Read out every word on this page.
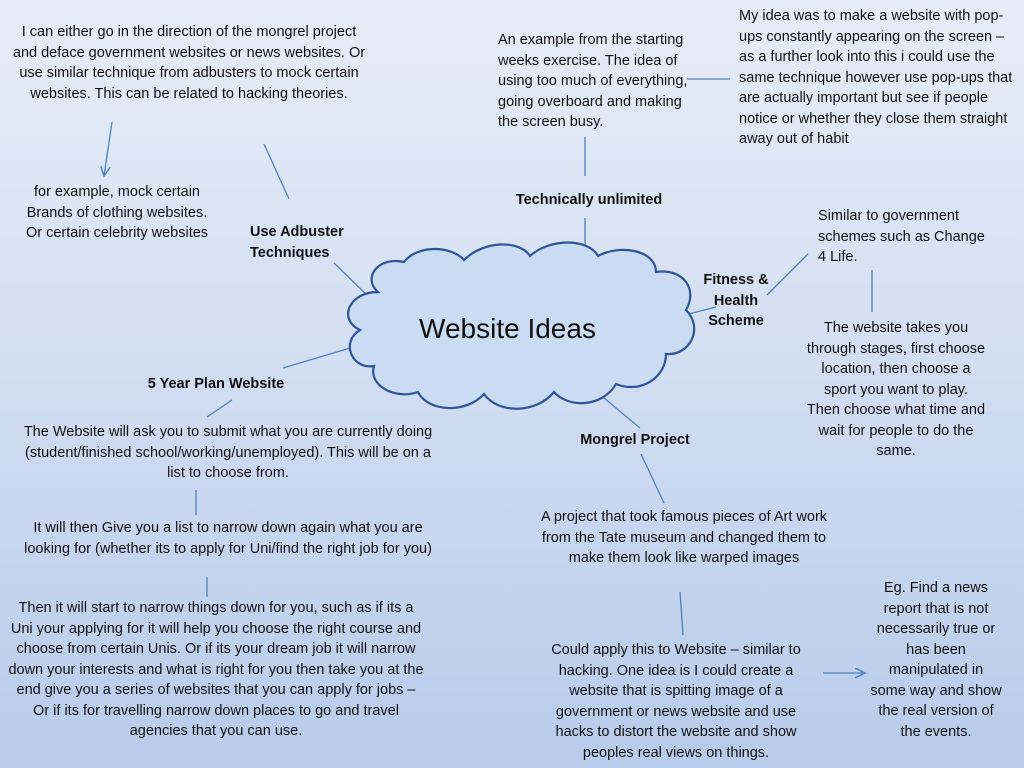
Website Ideas

I can either go in the direction of the mongrel project and deface government websites or news websites. Or use similar technique from adbusters to mock certain websites. This can be related to hacking theories.

for example, mock certain Brands of clothing websites. Or certain celebrity websites	Use Adbuster Techniques

An example from the starting weeks exercise. The idea of using too much of everything, going overboard and making the screen busy.

My idea was to make a website with pop-ups constantly appearing on the screen – as a further look into this i could use the same technique however use pop-ups that are actually important but see if people notice or whether they close them straight away out of habit

Technically unlimited

Similar to government schemes such as Change 4 Life.

Fitness & Health Scheme	The website takes you through stages, first choose location, then choose a sport you want to play. Then choose what time and wait for people to do the same.

5 Year Plan Website

The Website will ask you to submit what you are currently doing (student/finished school/working/unemployed). This will be on a list to choose from.

It will then Give you a list to narrow down again what you are looking for (whether its to apply for Uni/find the right job for you)

Then it will start to narrow things down for you, such as if its a Uni your applying for it will help you choose the right course and choose from certain Unis. Or if its your dream job it will narrow down your interests and what is right for you then take you at the end give you a series of websites that you can apply for jobs – Or if its for travelling narrow down places to go and travel agencies that you can use.

Mongrel Project

A project that took famous pieces of Art work from the Tate museum and changed them to make them look like warped images

Could apply this to Website – similar to hacking. One idea is I could create a website that is spitting image of a government or news website and use hacks to distort the website and show peoples real views on things.

Eg. Find a news report that is not necessarily true or has been manipulated in some way and show the real version of the events.
